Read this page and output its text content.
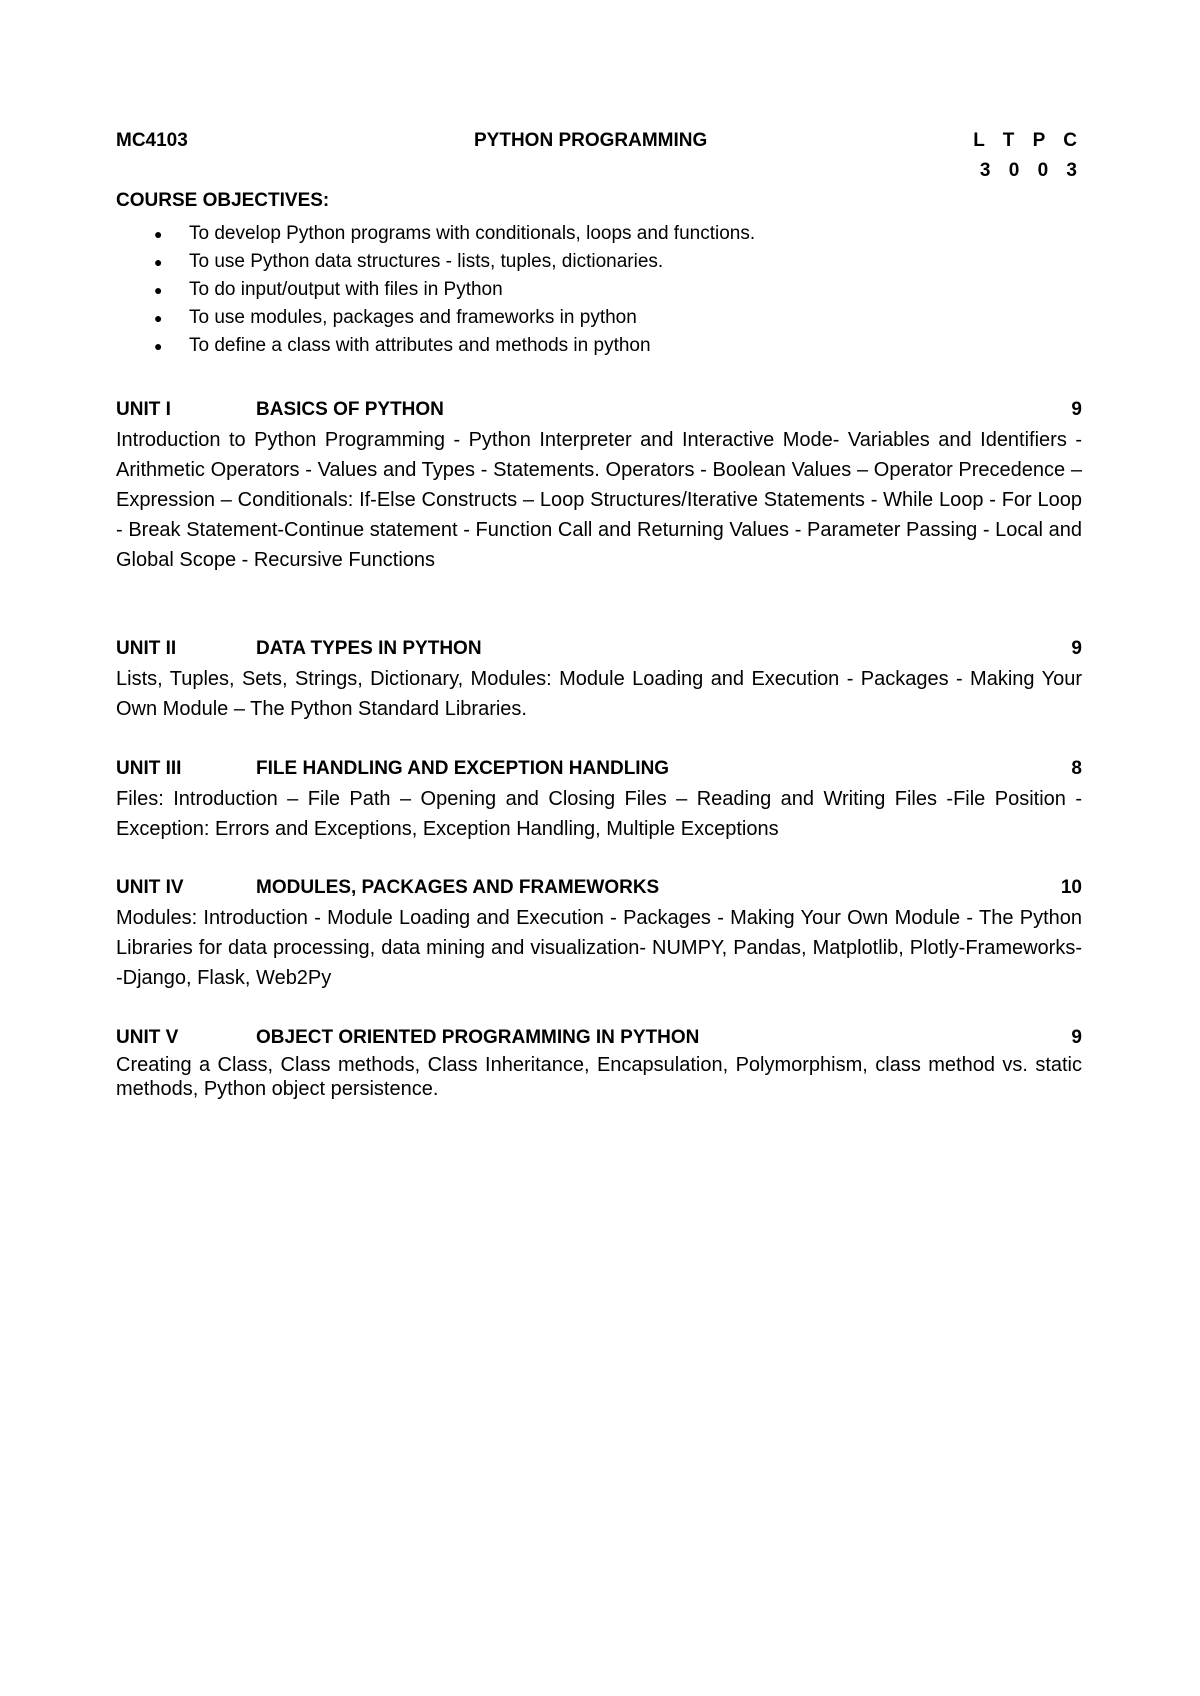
MC4103	PYTHON PROGRAMMING	L T P C
3 0 0 3
COURSE OBJECTIVES:
● To develop Python programs with conditionals, loops and functions.
● To use Python data structures - lists, tuples, dictionaries.
● To do input/output with files in Python
● To use modules, packages and frameworks in python
● To define a class with attributes and methods in python
UNIT I	BASICS OF PYTHON	9

Introduction to Python Programming - Python Interpreter and Interactive Mode- Variables and Identifiers - Arithmetic Operators - Values and Types - Statements. Operators - Boolean Values – Operator Precedence – Expression – Conditionals: If-Else Constructs – Loop Structures/Iterative Statements - While Loop - For Loop - Break Statement-Continue statement - Function Call and Returning Values - Parameter Passing - Local and Global Scope - Recursive Functions

UNIT II	DATA TYPES IN PYTHON	9

Lists, Tuples, Sets, Strings, Dictionary, Modules: Module Loading and Execution - Packages - Making Your Own Module – The Python Standard Libraries.

UNIT III	FILE HANDLING AND EXCEPTION HANDLING	8

Files: Introduction – File Path – Opening and Closing Files – Reading and Writing Files -File Position -Exception: Errors and Exceptions, Exception Handling, Multiple Exceptions

UNIT IV	MODULES, PACKAGES AND FRAMEWORKS	10

Modules: Introduction - Module Loading and Execution - Packages - Making Your Own Module - The Python Libraries for data processing, data mining and visualization- NUMPY, Pandas, Matplotlib, Plotly-Frameworks- -Django, Flask, Web2Py

UNIT V	OBJECT ORIENTED PROGRAMMING IN PYTHON	9

Creating a Class, Class methods, Class Inheritance, Encapsulation, Polymorphism, class method vs. static methods, Python object persistence.
